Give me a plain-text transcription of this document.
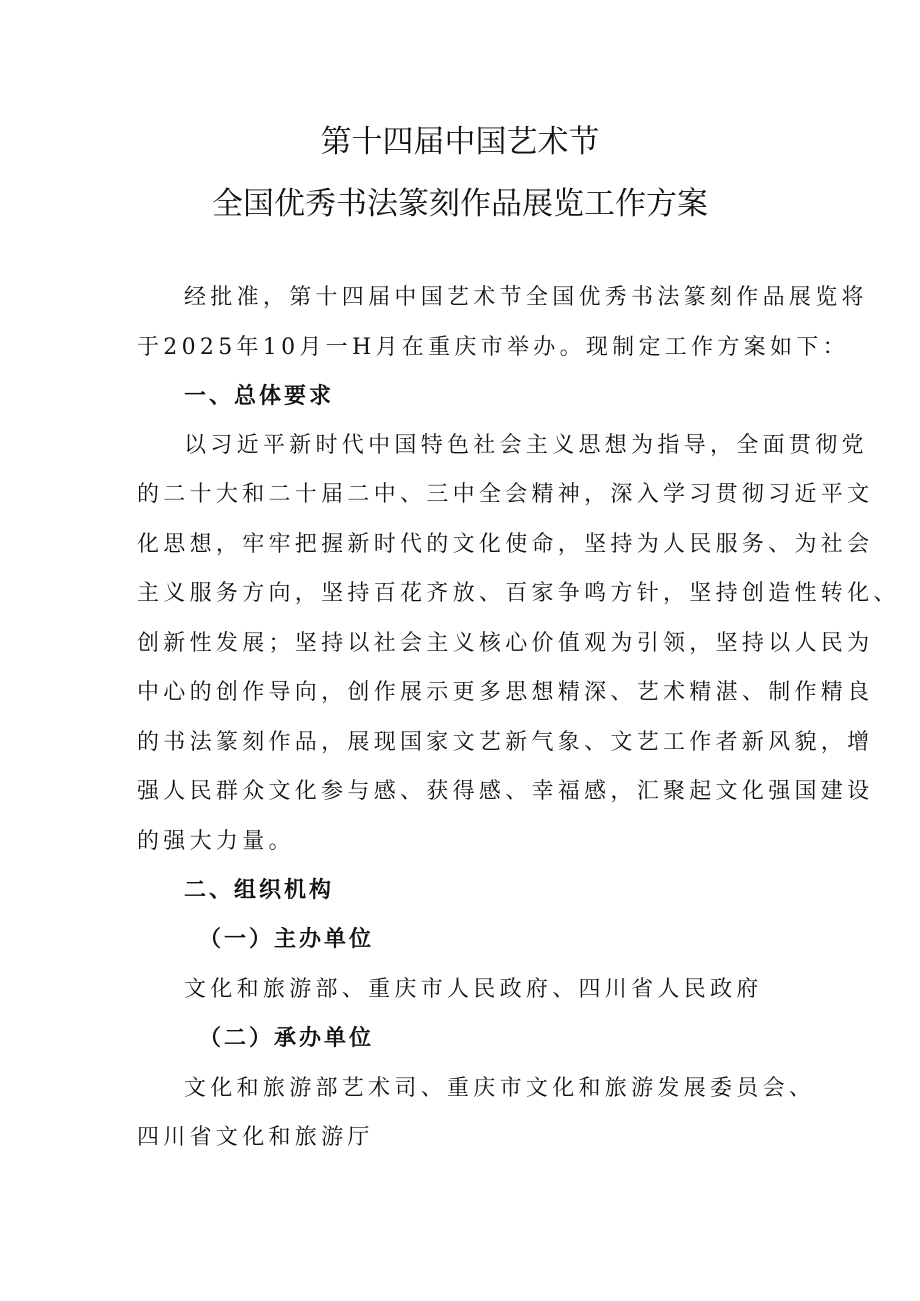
第十四届中国艺术节
全国优秀书法篆刻作品展览工作方案

经批准，第十四届中国艺术节全国优秀书法篆刻作品展览将

于2025年10月一H月在重庆市举办。现制定工作方案如下：

一、总体要求

以习近平新时代中国特色社会主义思想为指导，全面贯彻党

的二十大和二十届二中、三中全会精神，深入学习贯彻习近平文

化思想，牢牢把握新时代的文化使命，坚持为人民服务、为社会

主义服务方向，坚持百花齐放、百家争鸣方针，坚持创造性转化、

创新性发展；坚持以社会主义核心价值观为引领，坚持以人民为

中心的创作导向，创作展示更多思想精深、艺术精湛、制作精良

的书法篆刻作品，展现国家文艺新气象、文艺工作者新风貌，增

强人民群众文化参与感、获得感、幸福感，汇聚起文化强国建设

的强大力量。

二、组织机构

（一）主办单位

文化和旅游部、重庆市人民政府、四川省人民政府

（二）承办单位

文化和旅游部艺术司、重庆市文化和旅游发展委员会、

四川省文化和旅游厅
